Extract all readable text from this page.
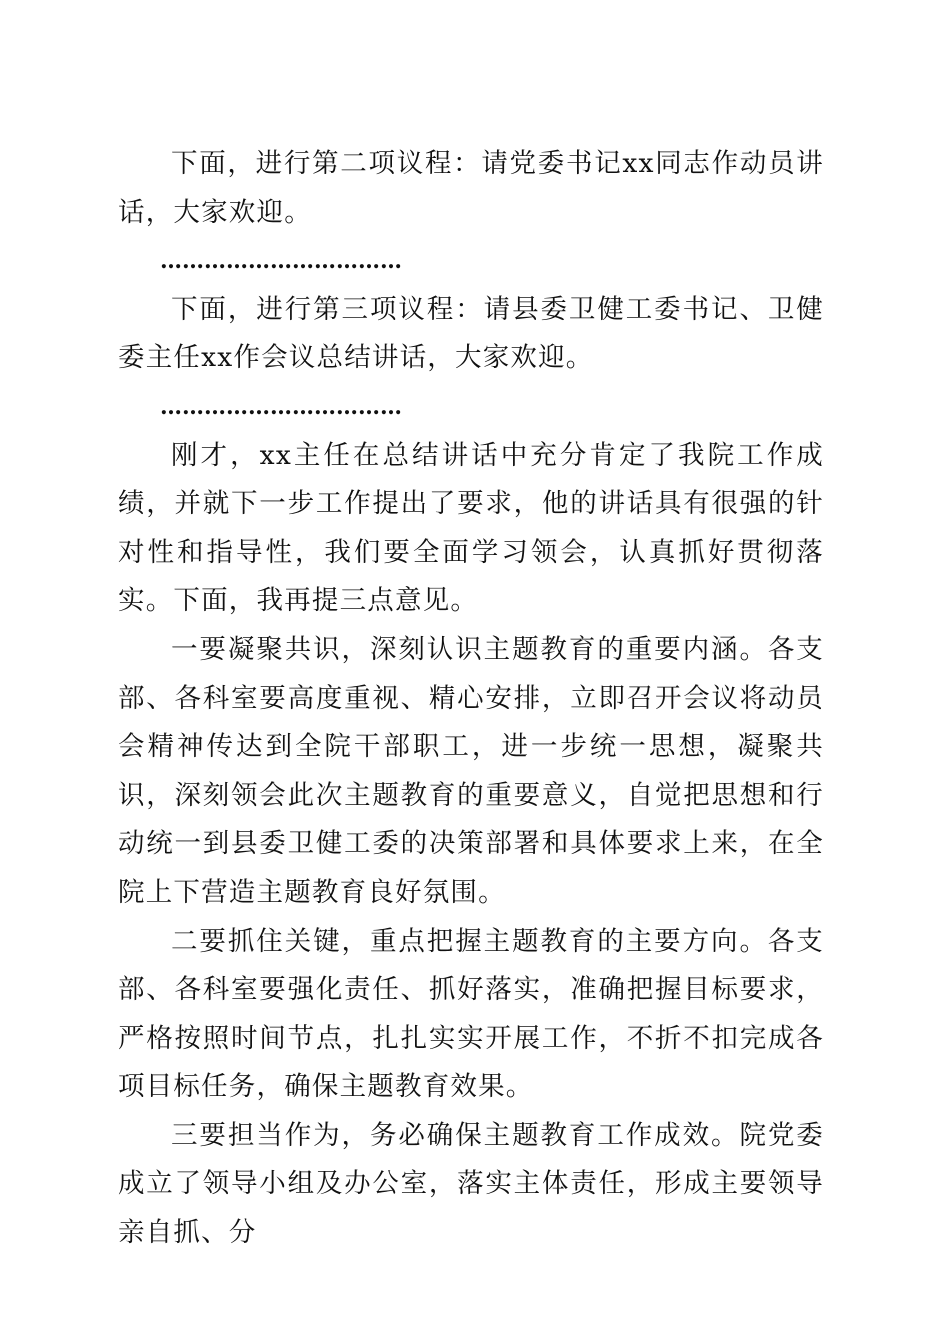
下面，进行第二项议程：请党委书记xx同志作动员讲话，大家欢迎。

……………………………

下面，进行第三项议程：请县委卫健工委书记、卫健委主任xx作会议总结讲话，大家欢迎。

……………………………

刚才，xx主任在总结讲话中充分肯定了我院工作成绩，并就下一步工作提出了要求，他的讲话具有很强的针对性和指导性，我们要全面学习领会，认真抓好贯彻落实。下面，我再提三点意见。

一要凝聚共识，深刻认识主题教育的重要内涵。各支部、各科室要高度重视、精心安排，立即召开会议将动员会精神传达到全院干部职工，进一步统一思想，凝聚共识，深刻领会此次主题教育的重要意义，自觉把思想和行动统一到县委卫健工委的决策部署和具体要求上来，在全院上下营造主题教育良好氛围。

二要抓住关键，重点把握主题教育的主要方向。各支部、各科室要强化责任、抓好落实，准确把握目标要求，严格按照时间节点，扎扎实实开展工作，不折不扣完成各项目标任务，确保主题教育效果。

三要担当作为，务必确保主题教育工作成效。院党委成立了领导小组及办公室，落实主体责任，形成主要领导亲自抓、分
